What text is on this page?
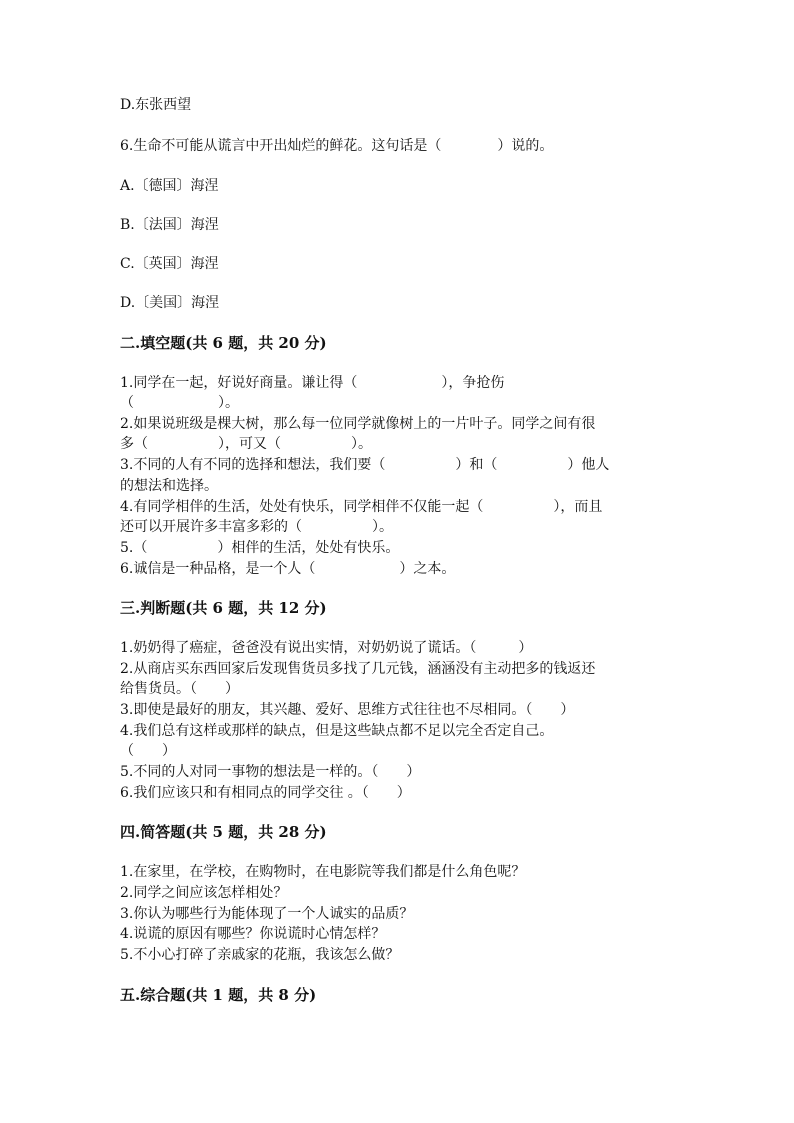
D.东张西望
6.生命不可能从谎言中开出灿烂的鲜花。这句话是（　　　　）说的。
A.〔德国〕海涅
B.〔法国〕海涅
C.〔英国〕海涅
D.〔美国〕海涅
二.填空题(共 6 题，共 20 分)
1.同学在一起，好说好商量。谦让得（　　　　　　），争抢伤
（　　　　　　）。
2.如果说班级是棵大树，那么每一位同学就像树上的一片叶子。同学之间有很
多（　　　　　），可又（　　　　　）。
3.不同的人有不同的选择和想法，我们要（　　　　　）和（　　　　　）他人
的想法和选择。
4.有同学相伴的生活，处处有快乐，同学相伴不仅能一起（　　　　　），而且
还可以开展许多丰富多彩的（　　　　　）。
5.（　　　　　）相伴的生活，处处有快乐。
6.诚信是一种品格，是一个人（　　　　　　）之本。
三.判断题(共 6 题，共 12 分)
1.奶奶得了癌症，爸爸没有说出实情，对奶奶说了谎话。（　　　）
2.从商店买东西回家后发现售货员多找了几元钱，涵涵没有主动把多的钱返还
给售货员。（　　）
3.即使是最好的朋友，其兴趣、爱好、思维方式往往也不尽相同。（　　）
4.我们总有这样或那样的缺点，但是这些缺点都不足以完全否定自己。
（　　）
5.不同的人对同一事物的想法是一样的。（　　）
6.我们应该只和有相同点的同学交往 。（　　）
四.简答题(共 5 题，共 28 分)
1.在家里，在学校，在购物时，在电影院等我们都是什么角色呢？
2.同学之间应该怎样相处？
3.你认为哪些行为能体现了一个人诚实的品质？
4.说谎的原因有哪些？你说谎时心情怎样？
5.不小心打碎了亲戚家的花瓶，我该怎么做？
五.综合题(共 1 题，共 8 分)
